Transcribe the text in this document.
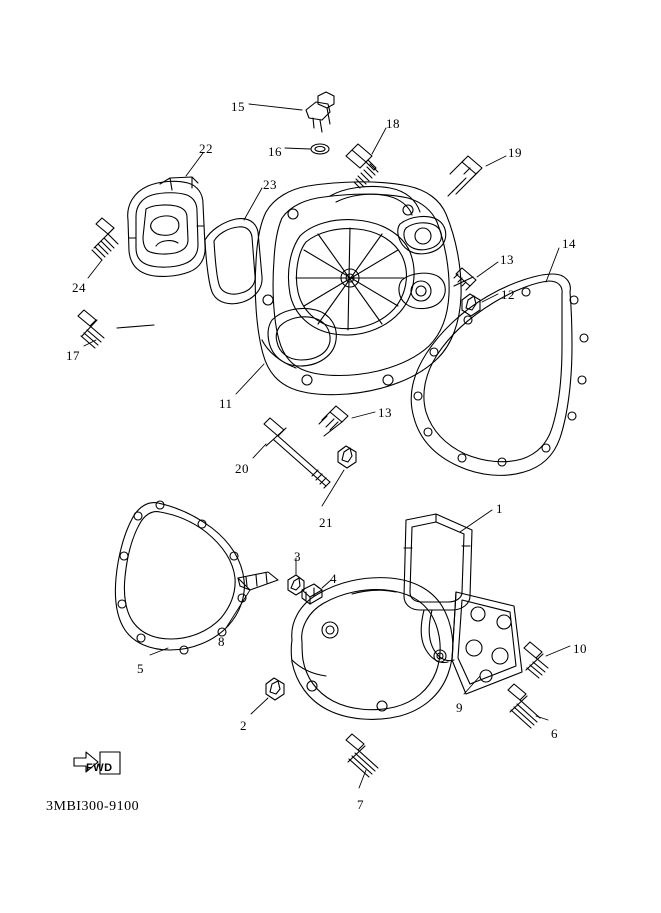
FWD
15
18
19
16
22
23
14
13
12
24
17
11
13
20
21
1
3
4
8
5
10
9
6
2
7
3MBI300-9100
